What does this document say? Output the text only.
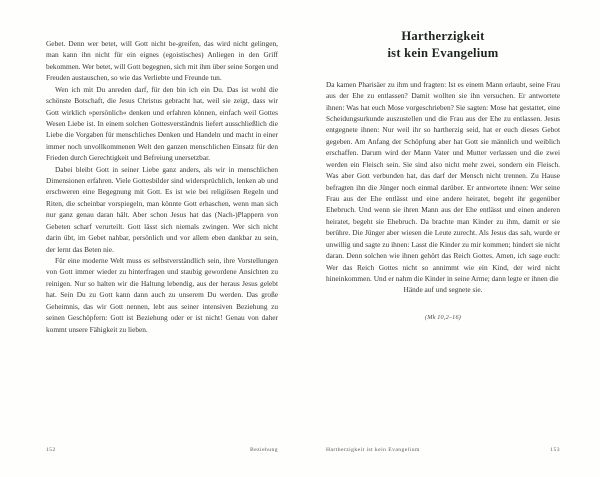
Gebet. Denn wer betet, will Gott nicht be-greifen, das wird nicht gelingen, man kann ihn nicht für ein eignes (egoistisches) Anliegen in den Griff bekommen. Wer betet, will Gott begegnen, sich mit ihm über seine Sorgen und Freuden austauschen, so wie das Verliebte und Freunde tun.

Wen ich mit Du anreden darf, für den bin ich ein Du. Das ist wohl die schönste Botschaft, die Jesus Christus gebracht hat, weil sie zeigt, dass wir Gott wirklich »persönlich« denken und erfahren können, einfach weil Gottes Wesen Liebe ist. In einem solchen Gottesverständnis liefert ausschließlich die Liebe die Vorgaben für menschliches Denken und Handeln und macht in einer immer noch unvollkommenen Welt den ganzen menschlichen Einsatz für den Frieden durch Gerechtigkeit und Befreiung unersetzbar.

Dabei bleibt Gott in seiner Liebe ganz anders, als wir in menschlichen Dimensionen erfahren. Viele Gottesbilder sind widersprüchlich, lenken ab und erschweren eine Begegnung mit Gott. Es ist wie bei religiösen Regeln und Riten, die scheinbar vorspiegeln, man könnte Gott erhaschen, wenn man sich nur ganz genau daran hält. Aber schon Jesus hat das (Nach-)Plappern von Gebeten scharf verurteilt. Gott lässt sich niemals zwingen. Wer sich nicht darin übt, im Gebet nahbar, persönlich und vor allem eben dankbar zu sein, der lernt das Beten nie.

Für eine moderne Welt muss es selbstverständlich sein, ihre Vorstellungen von Gott immer wieder zu hinterfragen und staubig gewordene Ansichten zu reinigen. Nur so halten wir die Haltung lebendig, aus der heraus Jesus gelebt hat. Sein Du zu Gott kann dann auch zu unserem Du werden. Das große Geheimnis, das wir Gott nennen, lebt aus seiner intensiven Beziehung zu seinen Geschöpfern: Gott ist Beziehung oder er ist nicht! Genau von daher kommt unsere Fähigkeit zu lieben.

152	Beziehung
Hartherzigkeit
ist kein Evangelium

Da kamen Pharisäer zu ihm und fragten: Ist es einem Mann erlaubt, seine Frau aus der Ehe zu entlassen? Damit wollten sie ihn versuchen. Er antwortete ihnen: Was hat euch Mose vorgeschrieben? Sie sagten: Mose hat gestattet, eine Scheidungsurkunde auszustellen und die Frau aus der Ehe zu entlassen. Jesus entgegnete ihnen: Nur weil ihr so hartherzig seid, hat er euch dieses Gebot gegeben. Am Anfang der Schöpfung aber hat Gott sie männlich und weiblich erschaffen. Darum wird der Mann Vater und Mutter verlassen und die zwei werden ein Fleisch sein. Sie sind also nicht mehr zwei, sondern ein Fleisch. Was aber Gott verbunden hat, das darf der Mensch nicht trennen. Zu Hause befragten ihn die Jünger noch einmal darüber. Er antwortete ihnen: Wer seine Frau aus der Ehe entlässt und eine andere heiratet, begeht ihr gegenüber Ehebruch. Und wenn sie ihren Mann aus der Ehe entlässt und einen anderen heiratet, begeht sie Ehebruch. Da brachte man Kinder zu ihm, damit er sie berühre. Die Jünger aber wiesen die Leute zurecht. Als Jesus das sah, wurde er unwillig und sagte zu ihnen: Lasst die Kinder zu mir kommen; hindert sie nicht daran. Denn solchen wie ihnen gehört das Reich Gottes. Amen, ich sage euch: Wer das Reich Gottes nicht so annimmt wie ein Kind, der wird nicht hineinkommen. Und er nahm die Kinder in seine Arme; dann legte er ihnen die

Hände auf und segnete sie.

(Mk 10,2–16)
Hartherzigkeit ist kein Evangelium	153
